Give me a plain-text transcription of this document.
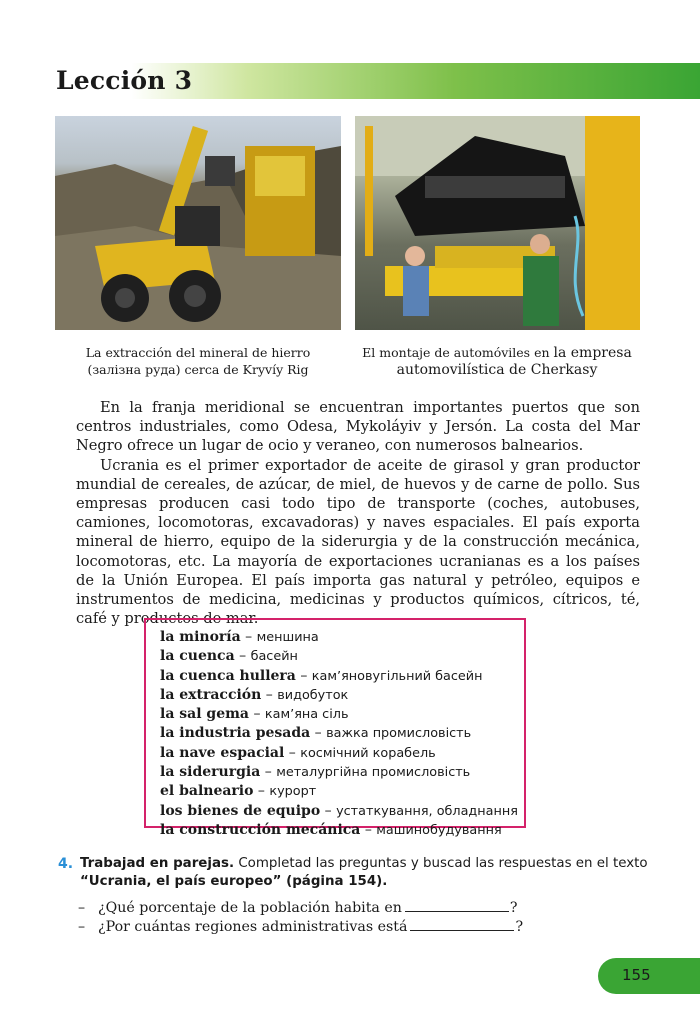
Lección 3
La extracción del mineral de hierro
(залізна руда) cerca de Kryvíy Rig
El montaje de automóviles en la empresa
automovilística de Cherkasy

En la franja meridional se encuentran importantes puertos que son centros industriales, como Odesa, Mykoláyiv y Jersón. La costa del Mar Negro ofrece un lugar de ocio y veraneo, con numerosos balnearios.

Ucrania es el primer exportador de aceite de girasol y gran productor mundial de cereales, de azúcar, de miel, de huevos y de carne de pollo. Sus empresas producen casi todo tipo de transporte (coches, autobuses, camiones, locomotoras, excavadoras) y naves espaciales. El país exporta mineral de hierro, equipo de la siderurgia y de la construcción mecánica, locomotoras, etc. La mayoría de exportaciones ucranianas es a los países de la Unión Europea. El país importa gas natural y petróleo, equipos e instrumentos de medicina, medicinas y productos químicos, cítricos, té, café y productos de mar.

la minoría – меншина
la cuenca – басейн
la cuenca hullera – кам’яновугільний басейн
la extracción – видобуток
la sal gema – кам’яна сіль
la industria pesada – важка промисловість
la nave espacial – космічний корабель
la siderurgia – металургійна промисловість
el balneario – курорт
los bienes de equipo – устаткування, обладнання
la construcción mecánica – машинобудування
4. Trabajad en parejas. Completad las preguntas y buscad las respuestas en el texto “Ucrania, el país europeo” (página 154).
– ¿Qué porcentaje de la población habita en	?
– ¿Por cuántas regiones administrativas está	?
155
